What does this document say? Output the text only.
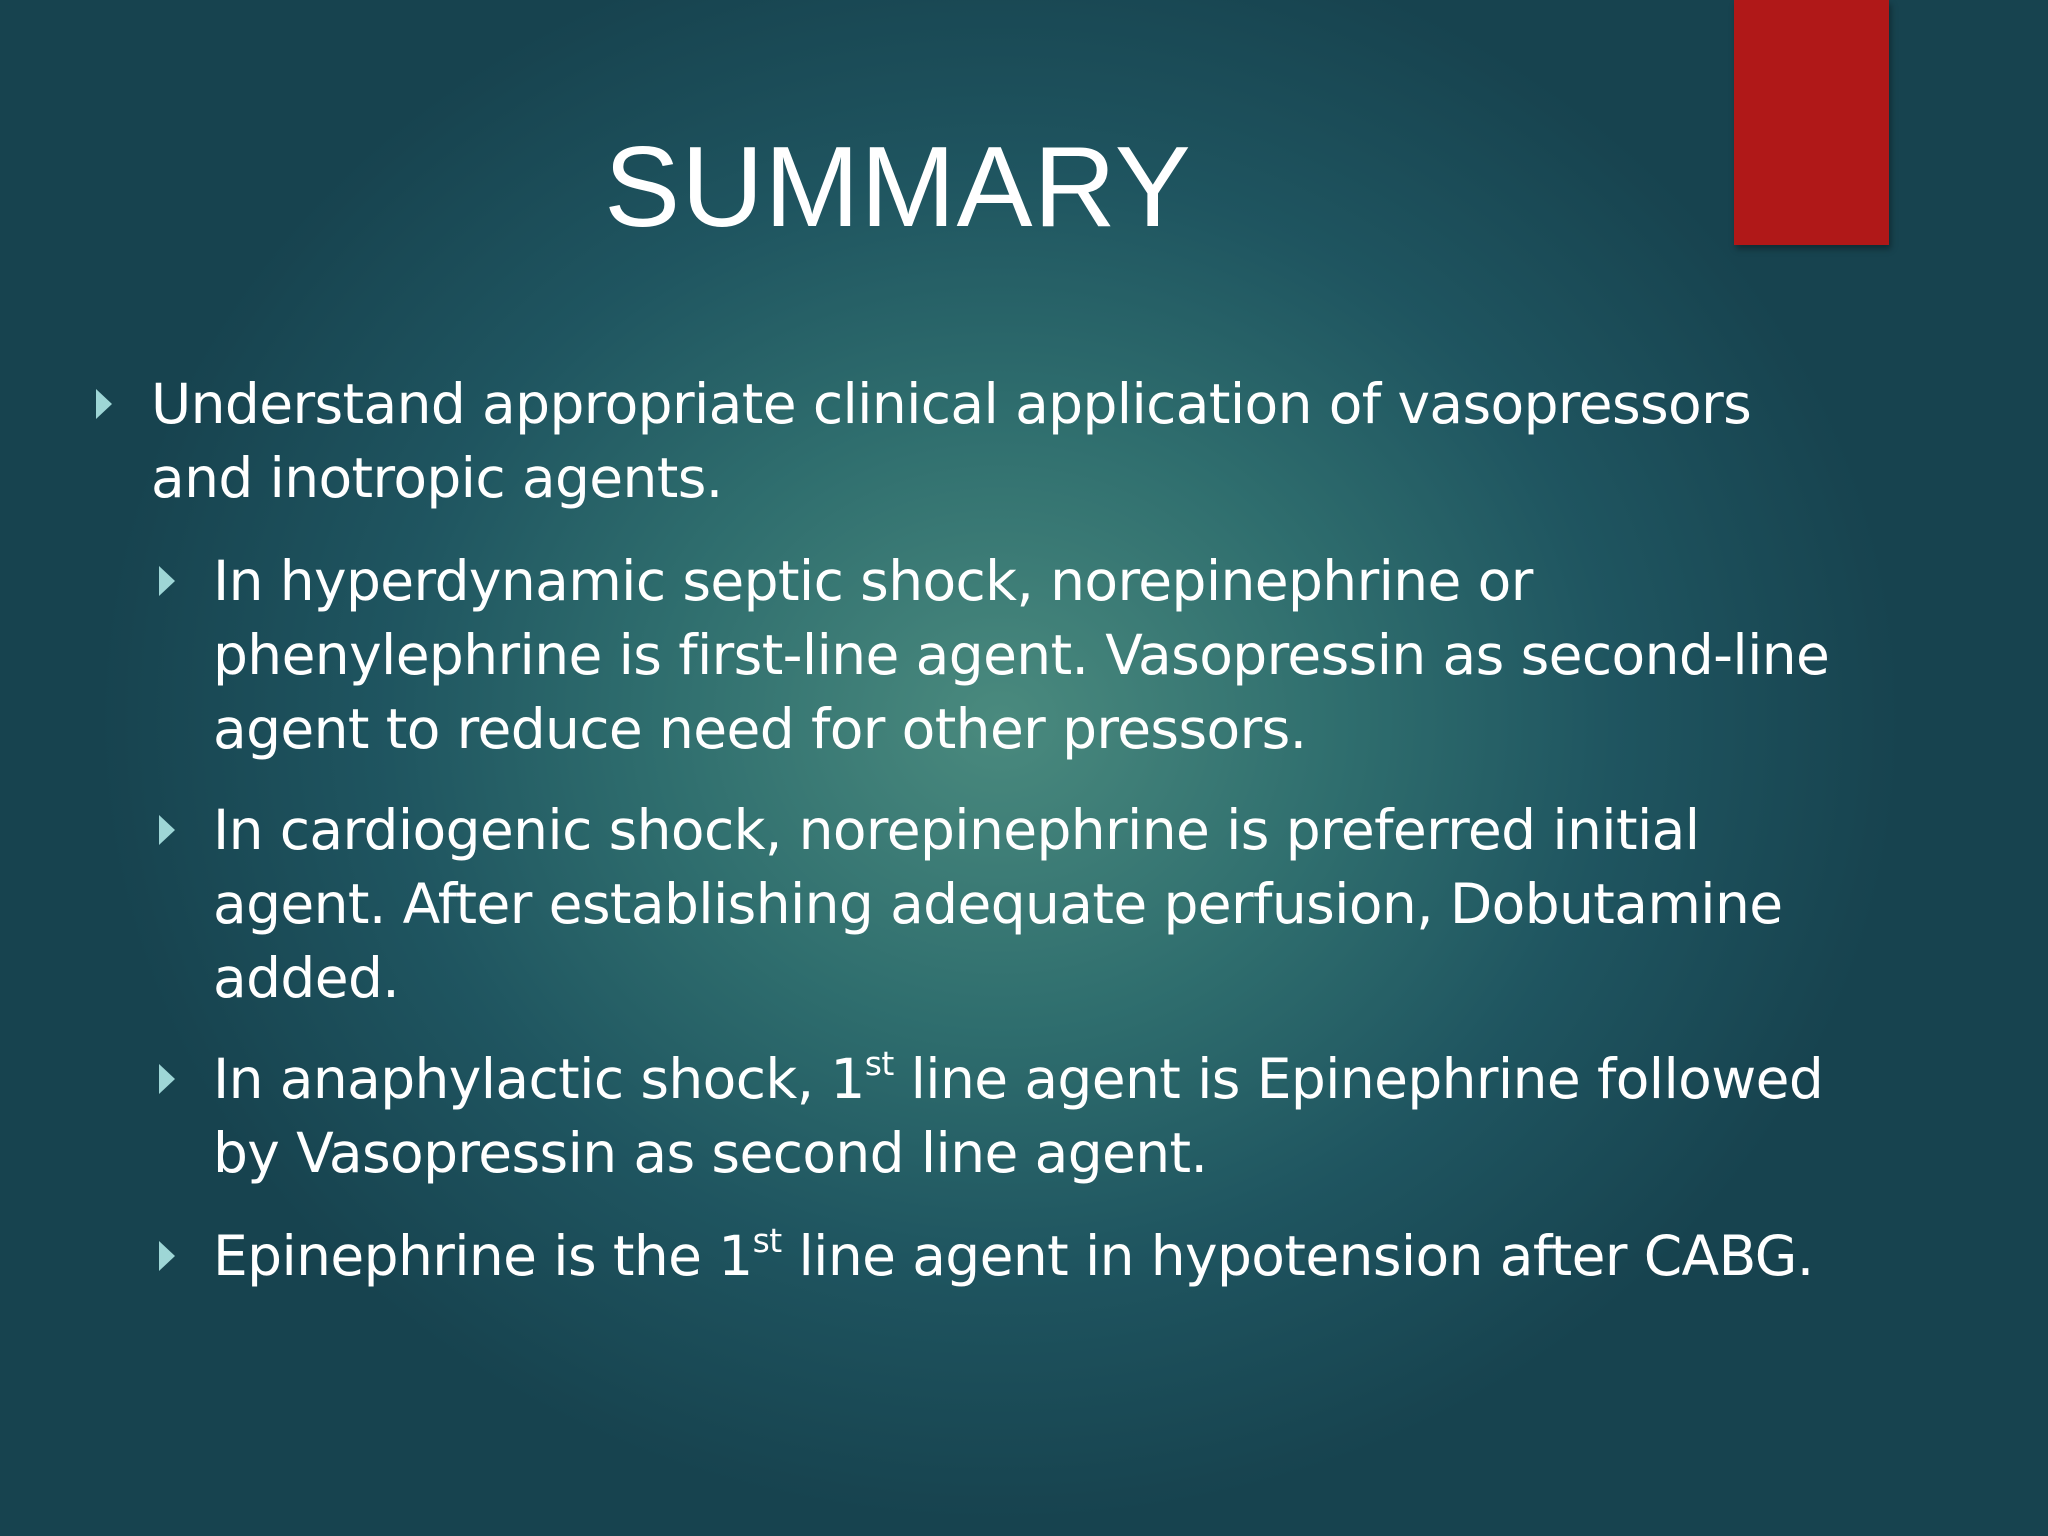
SUMMARY
Understand appropriate clinical application of vasopressors
and inotropic agents.
In hyperdynamic septic shock, norepinephrine or
phenylephrine is first-line agent. Vasopressin as second-line
agent to reduce need for other pressors.
In cardiogenic shock, norepinephrine is preferred initial
agent. After establishing adequate perfusion, Dobutamine
added.
In anaphylactic shock, 1st line agent is Epinephrine followed
by Vasopressin as second line agent.
Epinephrine is the 1st line agent in hypotension after CABG.
